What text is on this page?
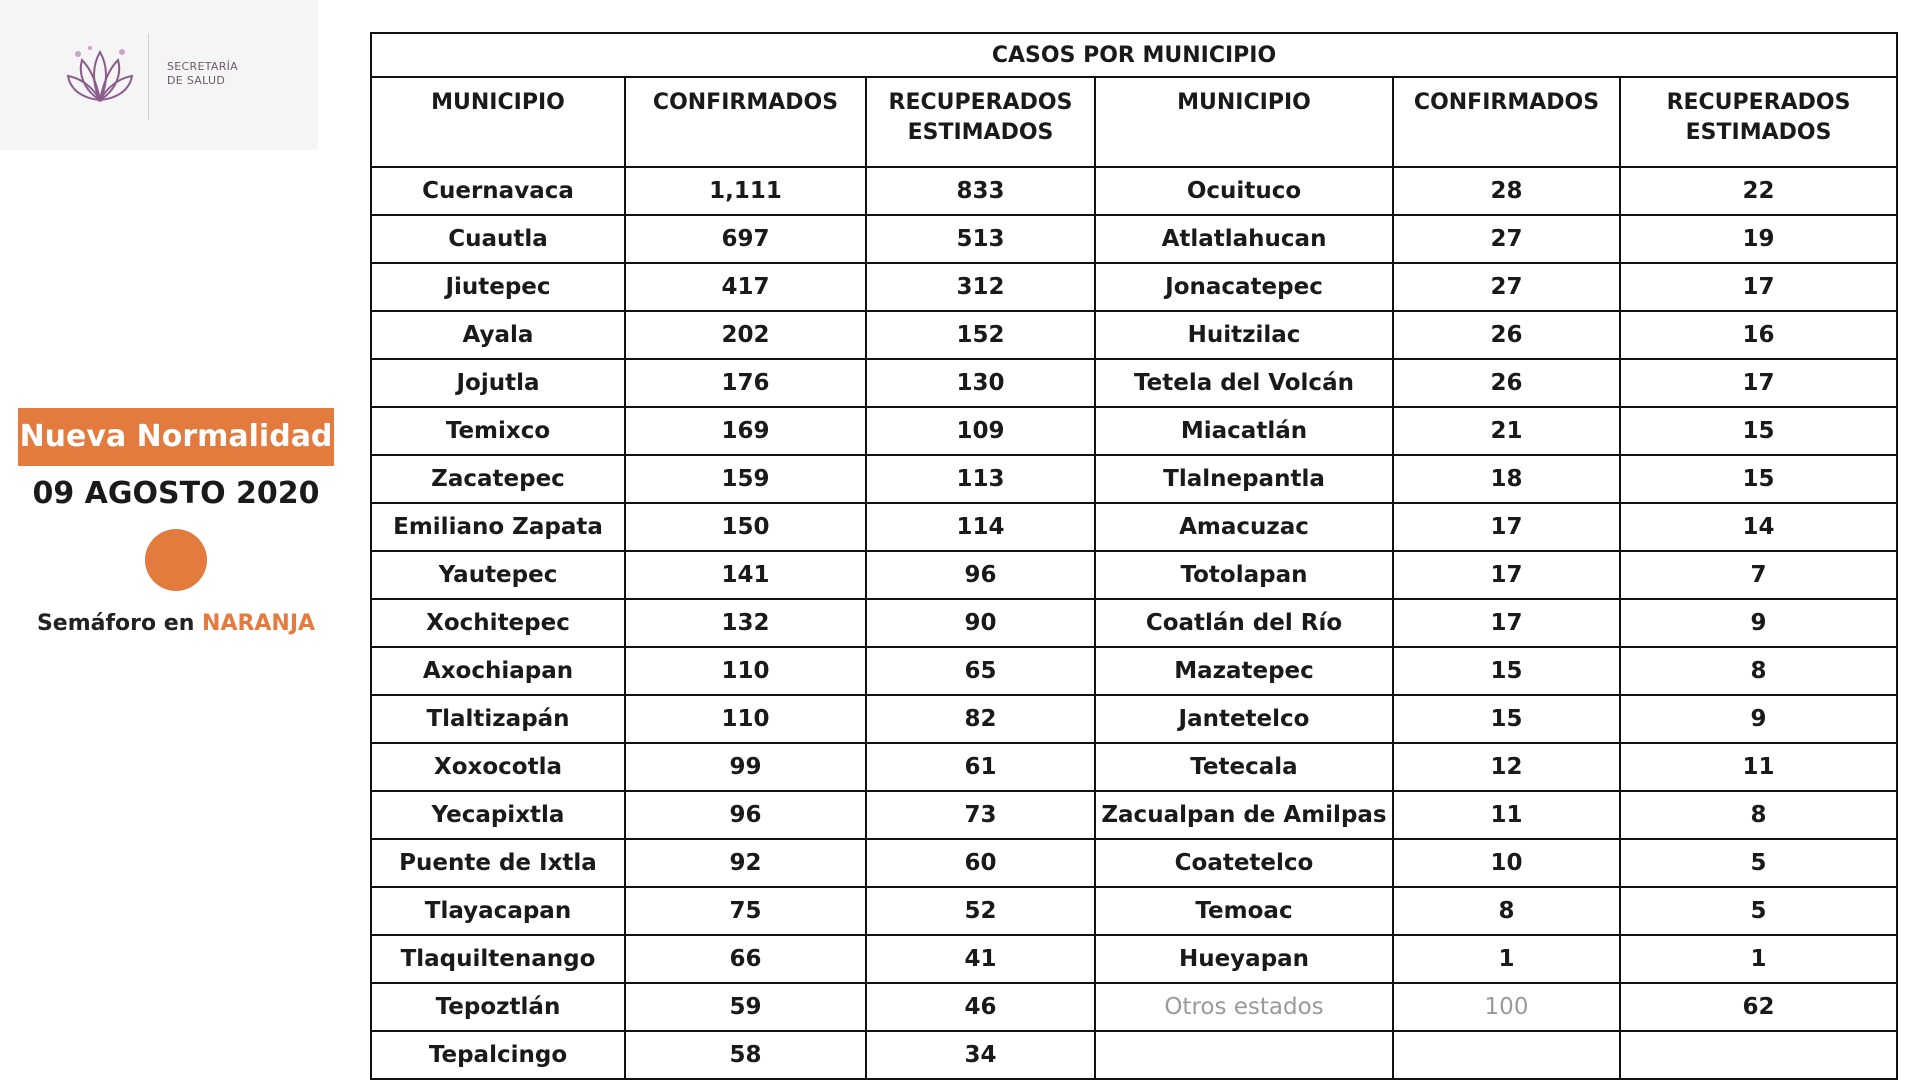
SECRETARÍA
DE SALUD
Nueva Normalidad
09 AGOSTO 2020
Semáforo en NARANJA
CASOS POR MUNICIPIO					
MUNICIPIO	CONFIRMADOS	RECUPERADOS ESTIMADOS	MUNICIPIO	CONFIRMADOS	RECUPERADOS ESTIMADOS
Cuernavaca	1,111	833	Ocuituco	28	22
Cuautla	697	513	Atlatlahucan	27	19
Jiutepec	417	312	Jonacatepec	27	17
Ayala	202	152	Huitzilac	26	16
Jojutla	176	130	Tetela del Volcán	26	17
Temixco	169	109	Miacatlán	21	15
Zacatepec	159	113	Tlalnepantla	18	15
Emiliano Zapata	150	114	Amacuzac	17	14
Yautepec	141	96	Totolapan	17	7
Xochitepec	132	90	Coatlán del Río	17	9
Axochiapan	110	65	Mazatepec	15	8
Tlaltizapán	110	82	Jantetelco	15	9
Xoxocotla	99	61	Tetecala	12	11
Yecapixtla	96	73	Zacualpan de Amilpas	11	8
Puente de Ixtla	92	60	Coatetelco	10	5
Tlayacapan	75	52	Temoac	8	5
Tlaquiltenango	66	41	Hueyapan	1	1
Tepoztlán	59	46	Otros estados	100	62
Tepalcingo	58	34			
